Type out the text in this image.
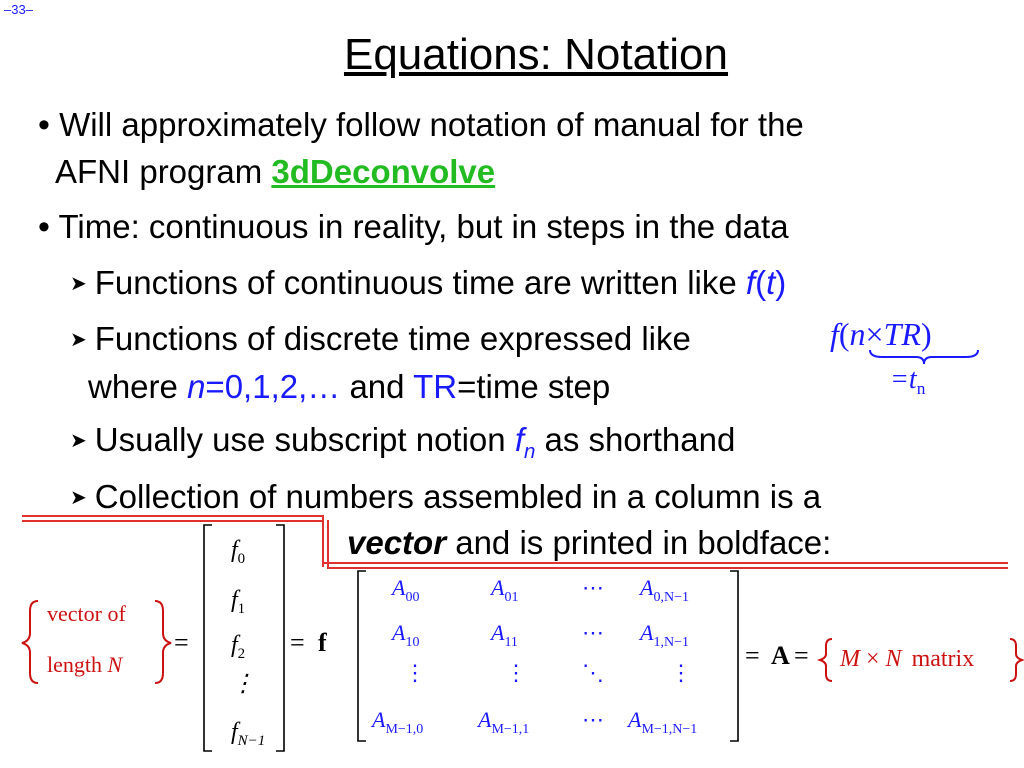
–33–
Equations: Notation
• Will approximately follow notation of manual for the
AFNI program 3dDeconvolve
• Time: continuous in reality, but in steps in the data
➤ Functions of continuous time are written like f(t)
➤ Functions of discrete time expressed like	f(n×TR)
$=t_n$
where n=0,1,2,… and TR=time step
➤ Usually use subscript notion $f_n$ as shorthand
➤ Collection of numbers assembled in a column is a
vector and is printed in boldface:
vector of
length N
=
$f_0$
$f_1$
$f_2$
⋮
$f_{N-1}$
= f
$A_{00}$	$A_{01}$	⋯ $A_{0,N-1}$
$A_{10}$	$A_{11}$	⋯ $A_{1,N-1}$
⋮	⋮	⋱	⋮
$A_{M-1,0}$ $A_{M-1,1}$ ⋯ $A_{M-1,N-1}$
= A = M × N matrix
